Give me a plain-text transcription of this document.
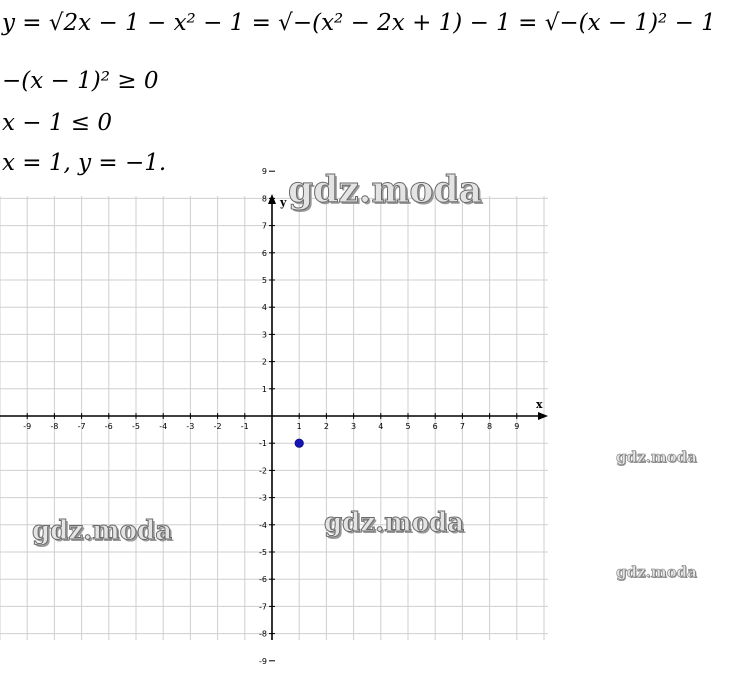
y = √2x − 1 − x² − 1 = √−(x² − 2x + 1) − 1 = √−(x − 1)² − 1
−(x − 1)² ≥ 0
x − 1 ≤ 0
x = 1, y = −1.
x
y
-9 -8 -7 -6 -5 -4 -3 -2 -1	1	2	3	4	5	6	7	8	9
9
8
7
6
5
4
3
2
1
-1
-2
-3
-4
-5
-6
-7
-8
-9
gdz.moda
gdz.moda
gdz.moda
gdz.moda
gdz.moda
